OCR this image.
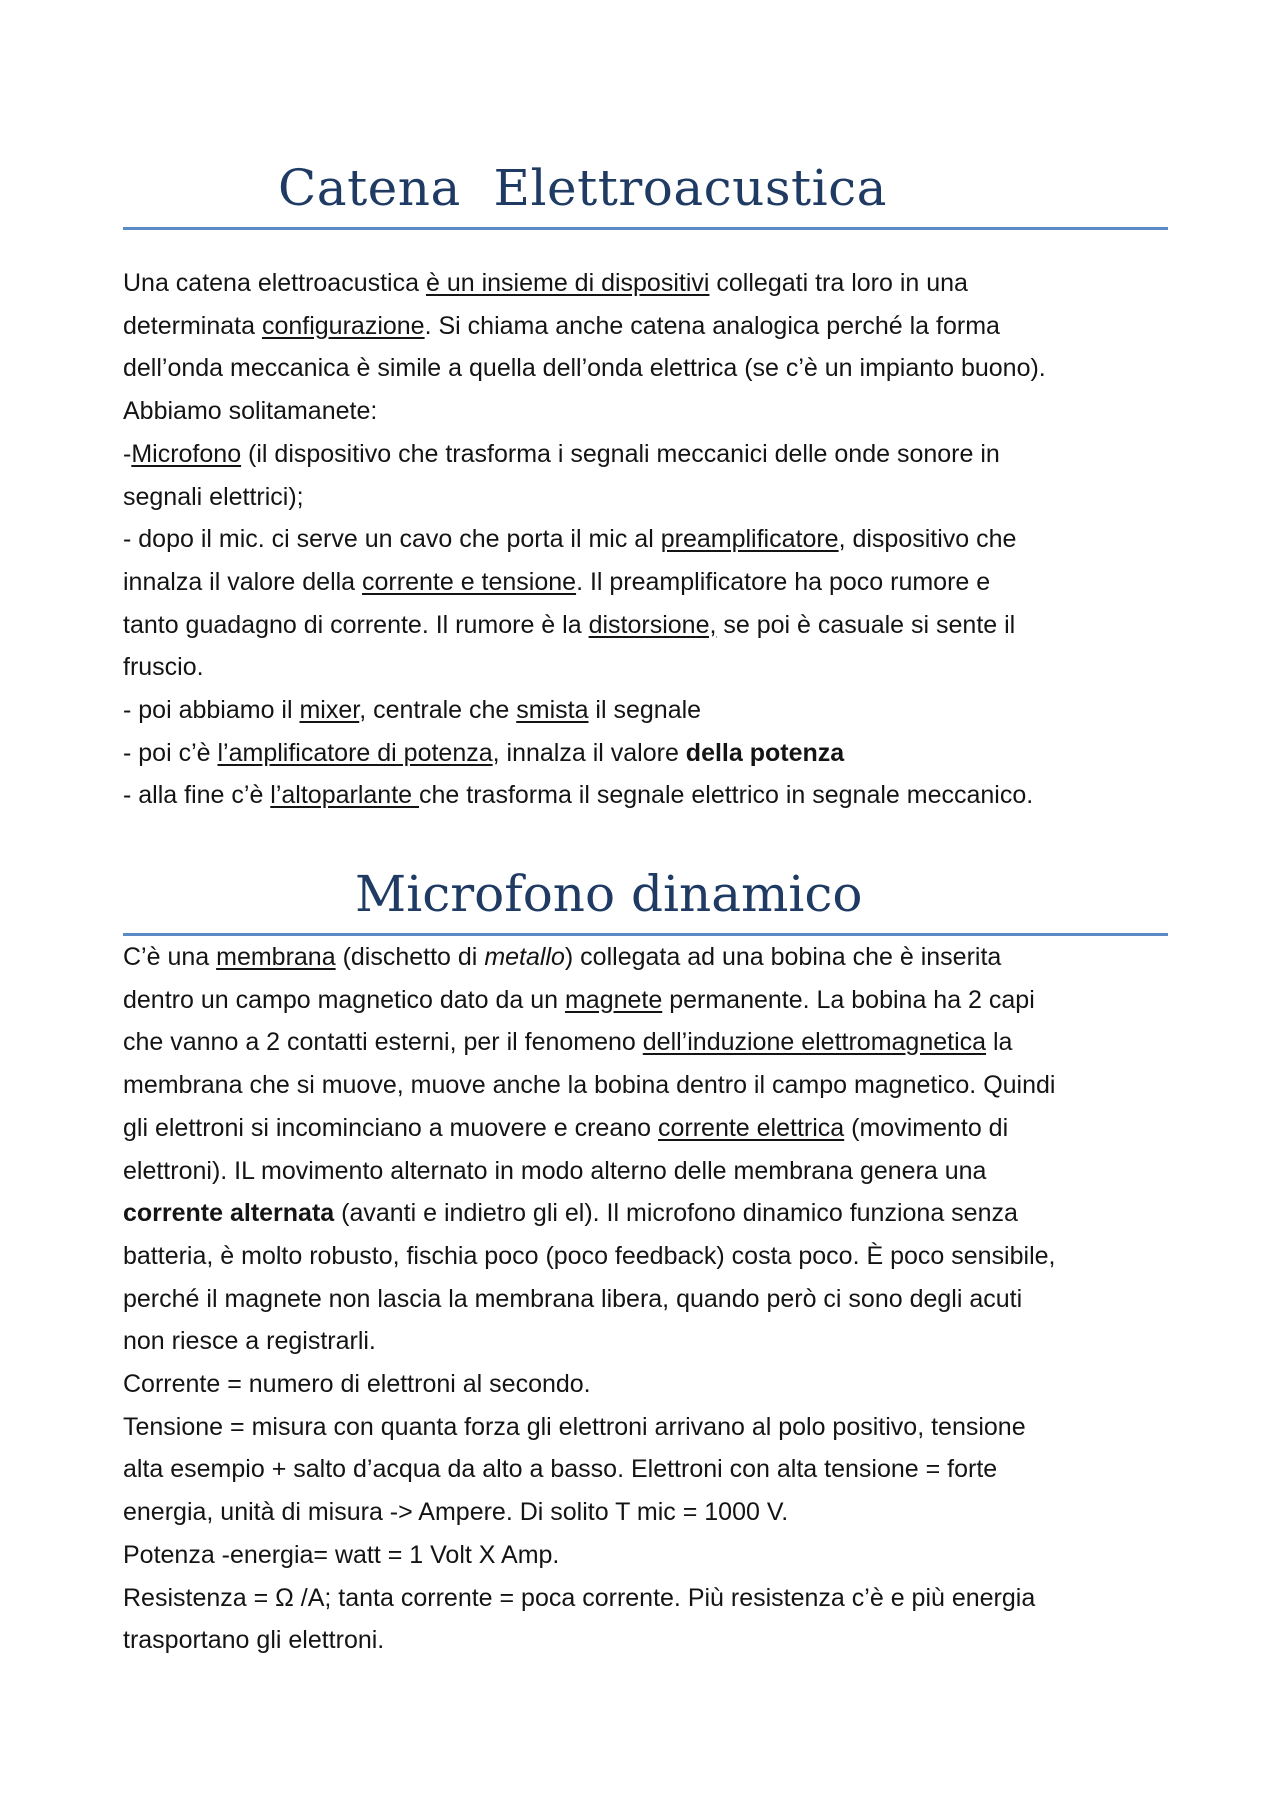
Catena  Elettroacustica
Una catena elettroacustica è un insieme di dispositivi collegati tra loro in una
determinata configurazione. Si chiama anche catena analogica perché la forma
dell’onda meccanica è simile a quella dell’onda elettrica (se c’è un impianto buono).
Abbiamo solitamanete:
-Microfono (il dispositivo che trasforma i segnali meccanici delle onde sonore in
segnali elettrici);
- dopo il mic. ci serve un cavo che porta il mic al preamplificatore, dispositivo che
innalza il valore della corrente e tensione. Il preamplificatore ha poco rumore e
tanto guadagno di corrente. Il rumore è la distorsione, se poi è casuale si sente il
fruscio.
- poi abbiamo il mixer, centrale che smista il segnale
- poi c’è l’amplificatore di potenza, innalza il valore della potenza
- alla fine c’è l’altoparlante che trasforma il segnale elettrico in segnale meccanico.
Microfono dinamico
C’è una membrana (dischetto di metallo) collegata ad una bobina che è inserita
dentro un campo magnetico dato da un magnete permanente. La bobina ha 2 capi
che vanno a 2 contatti esterni, per il fenomeno dell’induzione elettromagnetica la
membrana che si muove, muove anche la bobina dentro il campo magnetico. Quindi
gli elettroni si incominciano a muovere e creano corrente elettrica (movimento di
elettroni). IL movimento alternato in modo alterno delle membrana genera una
corrente alternata (avanti e indietro gli el). Il microfono dinamico funziona senza
batteria, è molto robusto, fischia poco (poco feedback) costa poco. È poco sensibile,
perché il magnete non lascia la membrana libera, quando però ci sono degli acuti
non riesce a registrarli.
Corrente = numero di elettroni al secondo.
Tensione = misura con quanta forza gli elettroni arrivano al polo positivo, tensione
alta esempio + salto d’acqua da alto a basso. Elettroni con alta tensione = forte
energia, unità di misura -> Ampere. Di solito T mic = 1000 V.
Potenza -energia= watt = 1 Volt X Amp.
Resistenza = Ω /A; tanta corrente = poca corrente. Più resistenza c’è e più energia
trasportano gli elettroni.
